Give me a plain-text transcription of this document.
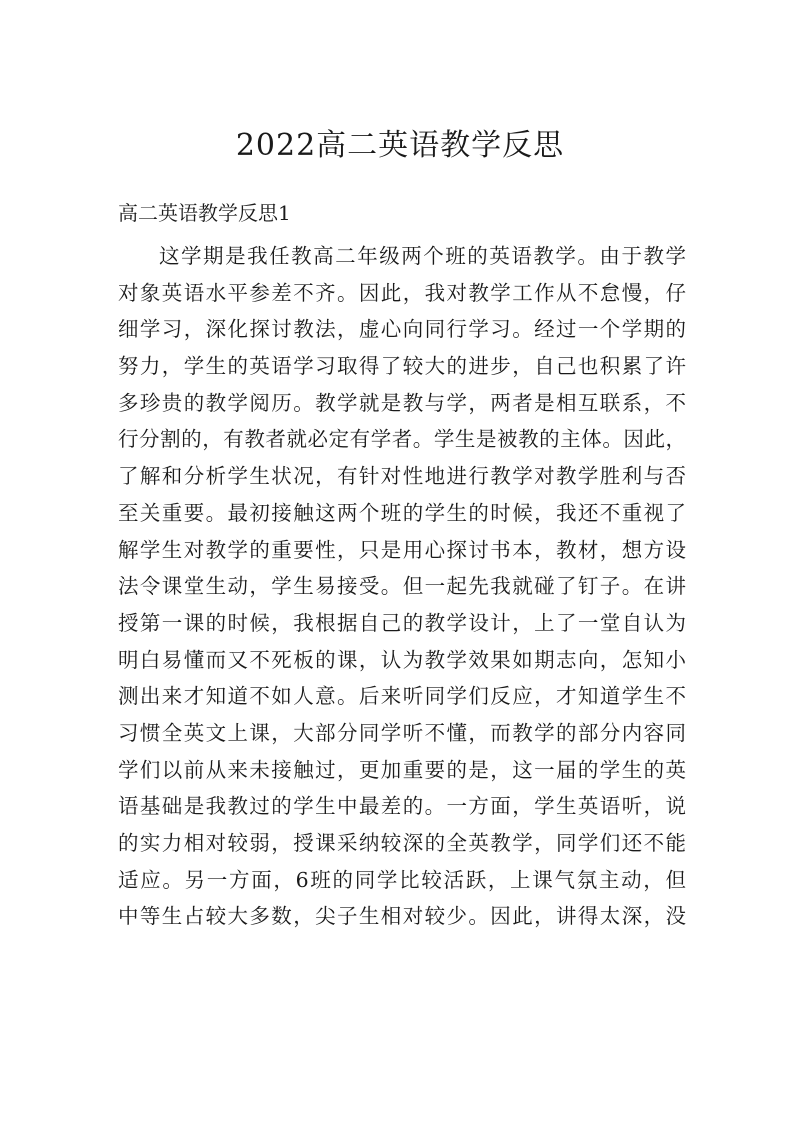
2022高二英语教学反思
高二英语教学反思1
这学期是我任教高二年级两个班的英语教学。由于教学
对象英语水平参差不齐。因此，我对教学工作从不怠慢，仔
细学习，深化探讨教法，虚心向同行学习。经过一个学期的
努力，学生的英语学习取得了较大的进步，自己也积累了许
多珍贵的教学阅历。教学就是教与学，两者是相互联系，不
行分割的，有教者就必定有学者。学生是被教的主体。因此，
了解和分析学生状况，有针对性地进行教学对教学胜利与否
至关重要。最初接触这两个班的学生的时候，我还不重视了
解学生对教学的重要性，只是用心探讨书本，教材，想方设
法令课堂生动，学生易接受。但一起先我就碰了钉子。在讲
授第一课的时候，我根据自己的教学设计，上了一堂自认为
明白易懂而又不死板的课，认为教学效果如期志向，怎知小
测出来才知道不如人意。后来听同学们反应，才知道学生不
习惯全英文上课，大部分同学听不懂，而教学的部分内容同
学们以前从来未接触过，更加重要的是，这一届的学生的英
语基础是我教过的学生中最差的。一方面，学生英语听，说
的实力相对较弱，授课采纳较深的全英教学，同学们还不能
适应。另一方面，6班的同学比较活跃，上课气氛主动，但
中等生占较大多数，尖子生相对较少。因此，讲得太深，没
